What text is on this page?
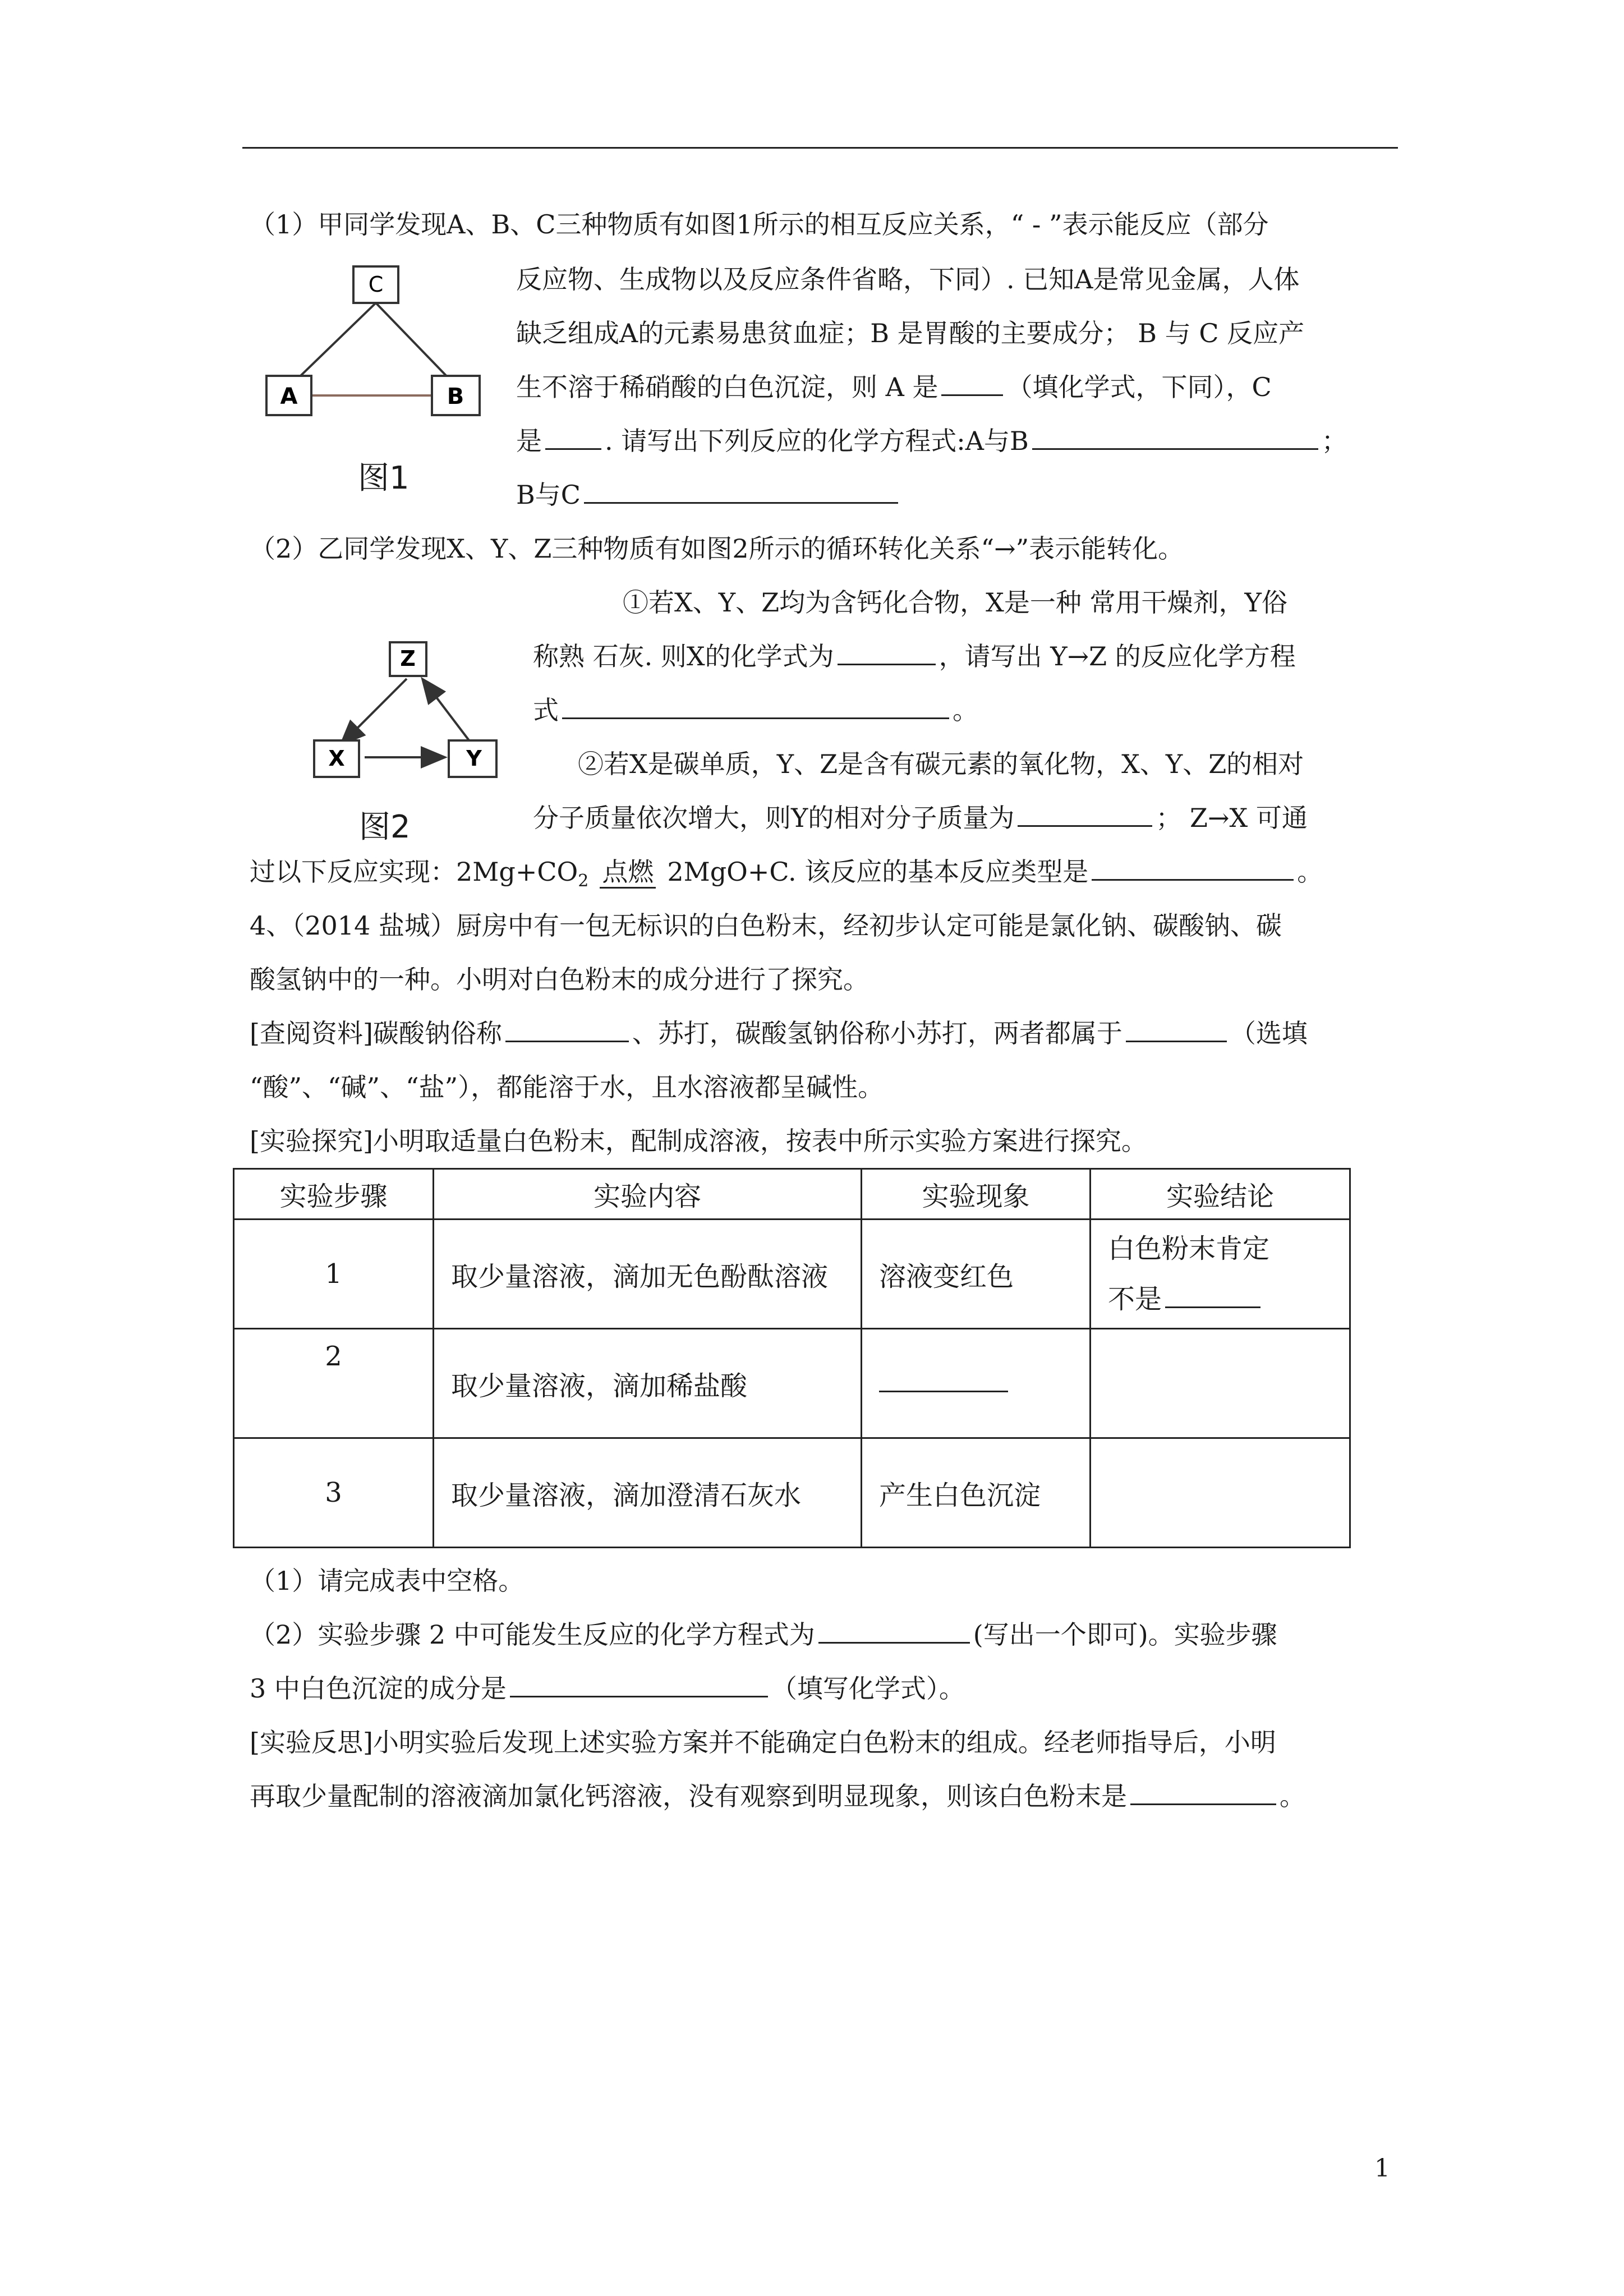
（1）甲同学发现A、B、C三种物质有如图1所示的相互反应关系，“ - ”表示能反应（部分
C
A	B
图1
反应物、生成物以及反应条件省略，下同）. 已知A是常见金属，人体
缺乏组成A的元素易患贫血症；B 是胃酸的主要成分； B 与 C 反应产
生不溶于稀硝酸的白色沉淀，则 A 是	（填化学式，下同），C
是 . 请写出下列反应的化学方程式:A与B	；
B与C
（2）乙同学发现X、Y、Z三种物质有如图2所示的循环转化关系“→”表示能转化。
Z
X	Y
图2
①若X、Y、Z均为含钙化合物，X是一种 常用干燥剂，Y俗
称熟 石灰. 则X的化学式为	，请写出 Y→Z 的反应化学方程
式	。
②若X是碳单质，Y、Z是含有碳元素的氧化物，X、Y、Z的相对
分子质量依次增大，则Y的相对分子质量为	； Z→X 可通
过以下反应实现：$2Mg+CO_2$ 点燃 2MgO+C. 该反应的基本反应类型是	。
4、（2014 盐城）厨房中有一包无标识的白色粉末，经初步认定可能是氯化钠、碳酸钠、碳
酸氢钠中的一种。小明对白色粉末的成分进行了探究。
[查阅资料]碳酸钠俗称	、苏打，碳酸氢钠俗称小苏打，两者都属于	（选填
“酸”、“碱”、“盐”），都能溶于水，且水溶液都呈碱性。
[实验探究]小明取适量白色粉末，配制成溶液，按表中所示实验方案进行探究。
实验步骤	实验内容	实验现象	实验结论
1	取少量溶液，滴加无色酚酞溶液	溶液变红色	白色粉末肯定
不是

2	取少量溶液，滴加稀盐酸		
3	取少量溶液，滴加澄清石灰水	产生白色沉淀	
（1）请完成表中空格。
（2）实验步骤 2 中可能发生反应的化学方程式为	(写出一个即可)。实验步骤
3 中白色沉淀的成分是	（填写化学式）。
[实验反思]小明实验后发现上述实验方案并不能确定白色粉末的组成。经老师指导后，小明
再取少量配制的溶液滴加氯化钙溶液，没有观察到明显现象，则该白色粉末是	。
1
